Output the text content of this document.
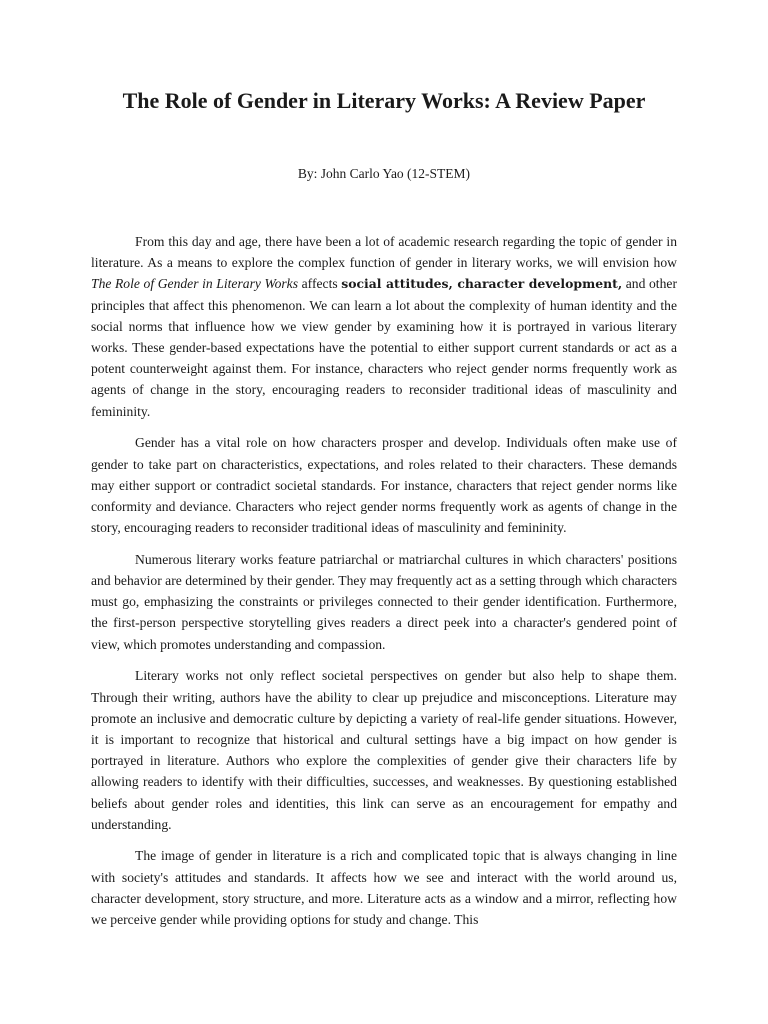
The Role of Gender in Literary Works: A Review Paper

By: John Carlo Yao (12-STEM)

From this day and age, there have been a lot of academic research regarding the topic of gender in literature. As a means to explore the complex function of gender in literary works, we will envision how The Role of Gender in Literary Works affects social attitudes, character development, and other principles that affect this phenomenon. We can learn a lot about the complexity of human identity and the social norms that influence how we view gender by examining how it is portrayed in various literary works. These gender-based expectations have the potential to either support current standards or act as a potent counterweight against them. For instance, characters who reject gender norms frequently work as agents of change in the story, encouraging readers to reconsider traditional ideas of masculinity and femininity.

Gender has a vital role on how characters prosper and develop. Individuals often make use of gender to take part on characteristics, expectations, and roles related to their characters. These demands may either support or contradict societal standards. For instance, characters that reject gender norms like conformity and deviance. Characters who reject gender norms frequently work as agents of change in the story, encouraging readers to reconsider traditional ideas of masculinity and femininity.

Numerous literary works feature patriarchal or matriarchal cultures in which characters' positions and behavior are determined by their gender. They may frequently act as a setting through which characters must go, emphasizing the constraints or privileges connected to their gender identification. Furthermore, the first-person perspective storytelling gives readers a direct peek into a character's gendered point of view, which promotes understanding and compassion.

Literary works not only reflect societal perspectives on gender but also help to shape them. Through their writing, authors have the ability to clear up prejudice and misconceptions. Literature may promote an inclusive and democratic culture by depicting a variety of real-life gender situations. However, it is important to recognize that historical and cultural settings have a big impact on how gender is portrayed in literature. Authors who explore the complexities of gender give their characters life by allowing readers to identify with their difficulties, successes, and weaknesses. By questioning established beliefs about gender roles and identities, this link can serve as an encouragement for empathy and understanding.

The image of gender in literature is a rich and complicated topic that is always changing in line with society's attitudes and standards. It affects how we see and interact with the world around us, character development, story structure, and more. Literature acts as a window and a mirror, reflecting how we perceive gender while providing options for study and change. This
